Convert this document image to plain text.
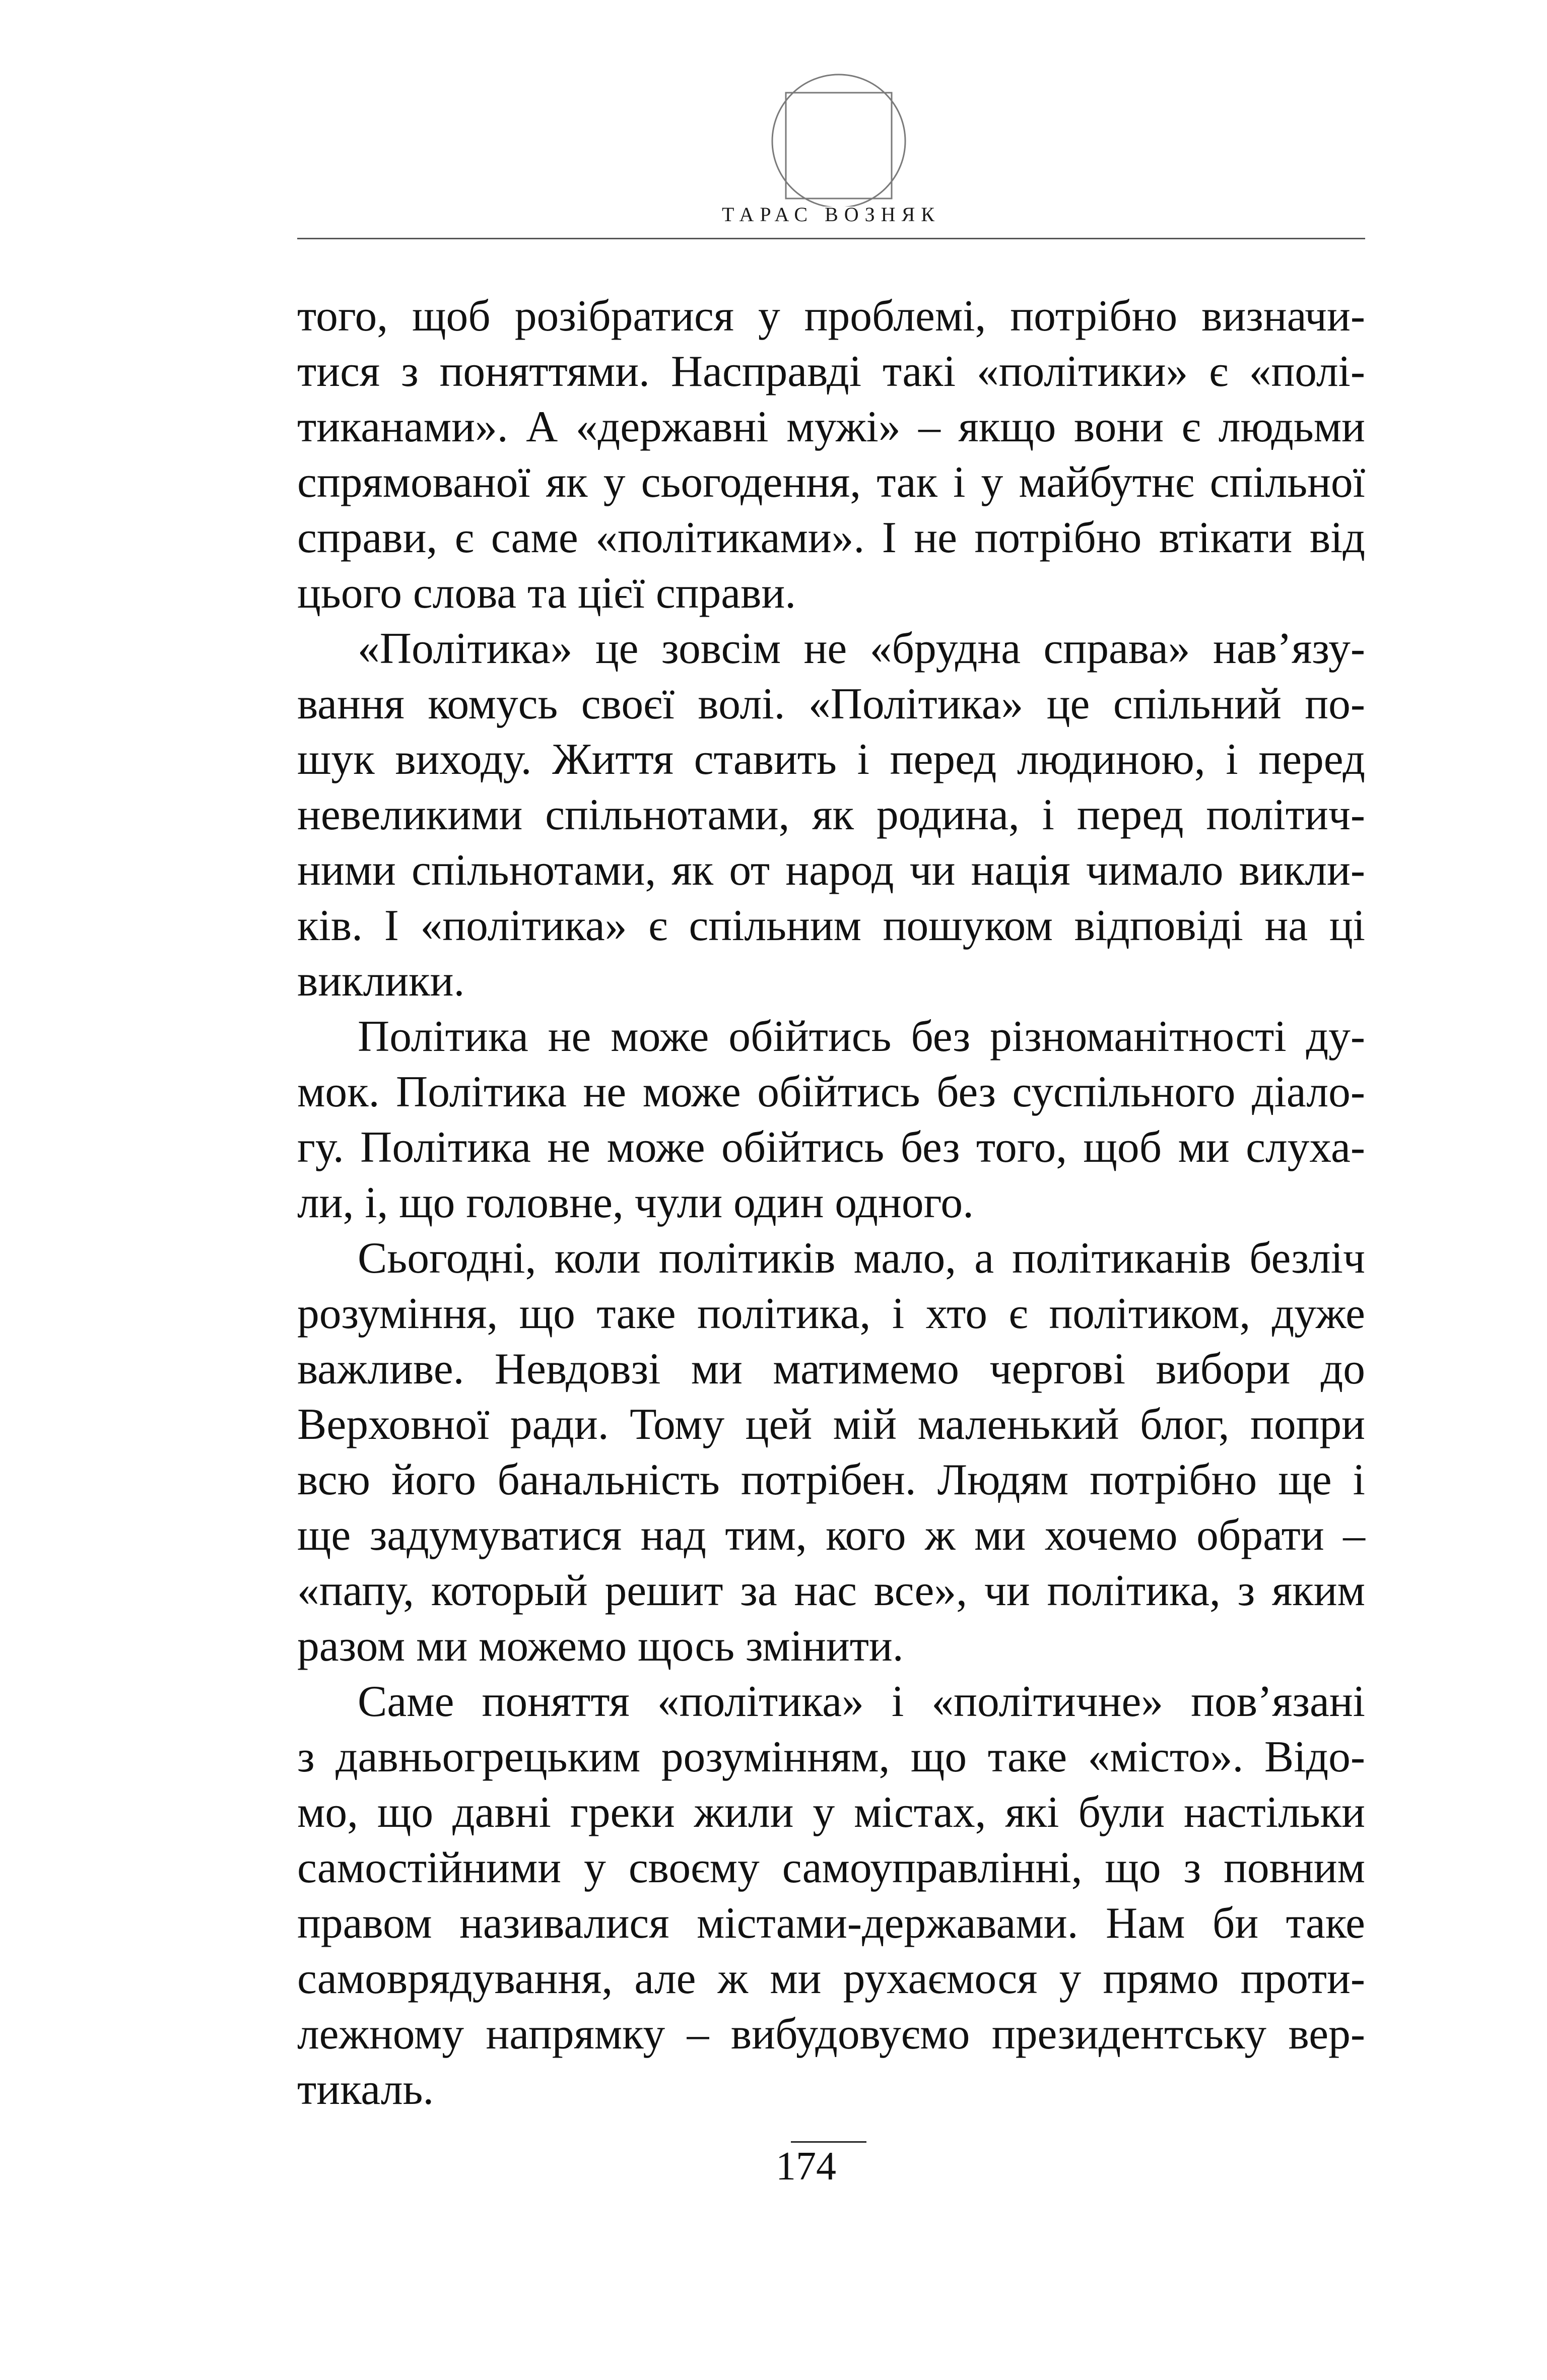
ТАРАС ВОЗНЯК
того, щоб розібратися у проблемі, потрібно визначи-
тися з поняттями. Насправді такі «політики» є «полі-
тиканами». А «державні мужі» – якщо вони є людьми
спрямованої як у сьогодення, так і у майбутнє спільної
справи, є саме «політиками». І не потрібно втікати від
цього слова та цієї справи.
«Політика» це зовсім не «брудна справа» нав’язу-
вання комусь своєї волі. «Політика» це спільний по-
шук виходу. Життя ставить і перед людиною, і перед
невеликими спільнотами, як родина, і перед політич-
ними спільнотами, як от народ чи нація чимало викли-
ків. І «політика» є спільним пошуком відповіді на ці
виклики.
Політика не може обійтись без різноманітності ду-
мок. Політика не може обійтись без суспільного діало-
гу. Політика не може обійтись без того, щоб ми слуха-
ли, і, що головне, чули один одного.
Сьогодні, коли політиків мало, а політиканів безліч
розуміння, що таке політика, і хто є політиком, дуже
важливе. Невдовзі ми матимемо чергові вибори до
Верховної ради. Тому цей мій маленький блог, попри
всю його банальність потрібен. Людям потрібно ще і
ще задумуватися над тим, кого ж ми хочемо обрати –
«папу, который решит за нас все», чи політика, з яким
разом ми можемо щось змінити.
Саме поняття «політика» і «політичне» пов’язані
з давньогрецьким розумінням, що таке «місто». Відо-
мо, що давні греки жили у містах, які були настільки
самостійними у своєму самоуправлінні, що з повним
правом називалися містами-державами. Нам би таке
самоврядування, але ж ми рухаємося у прямо проти-
лежному напрямку – вибудовуємо президентську вер-
тикаль.
174
